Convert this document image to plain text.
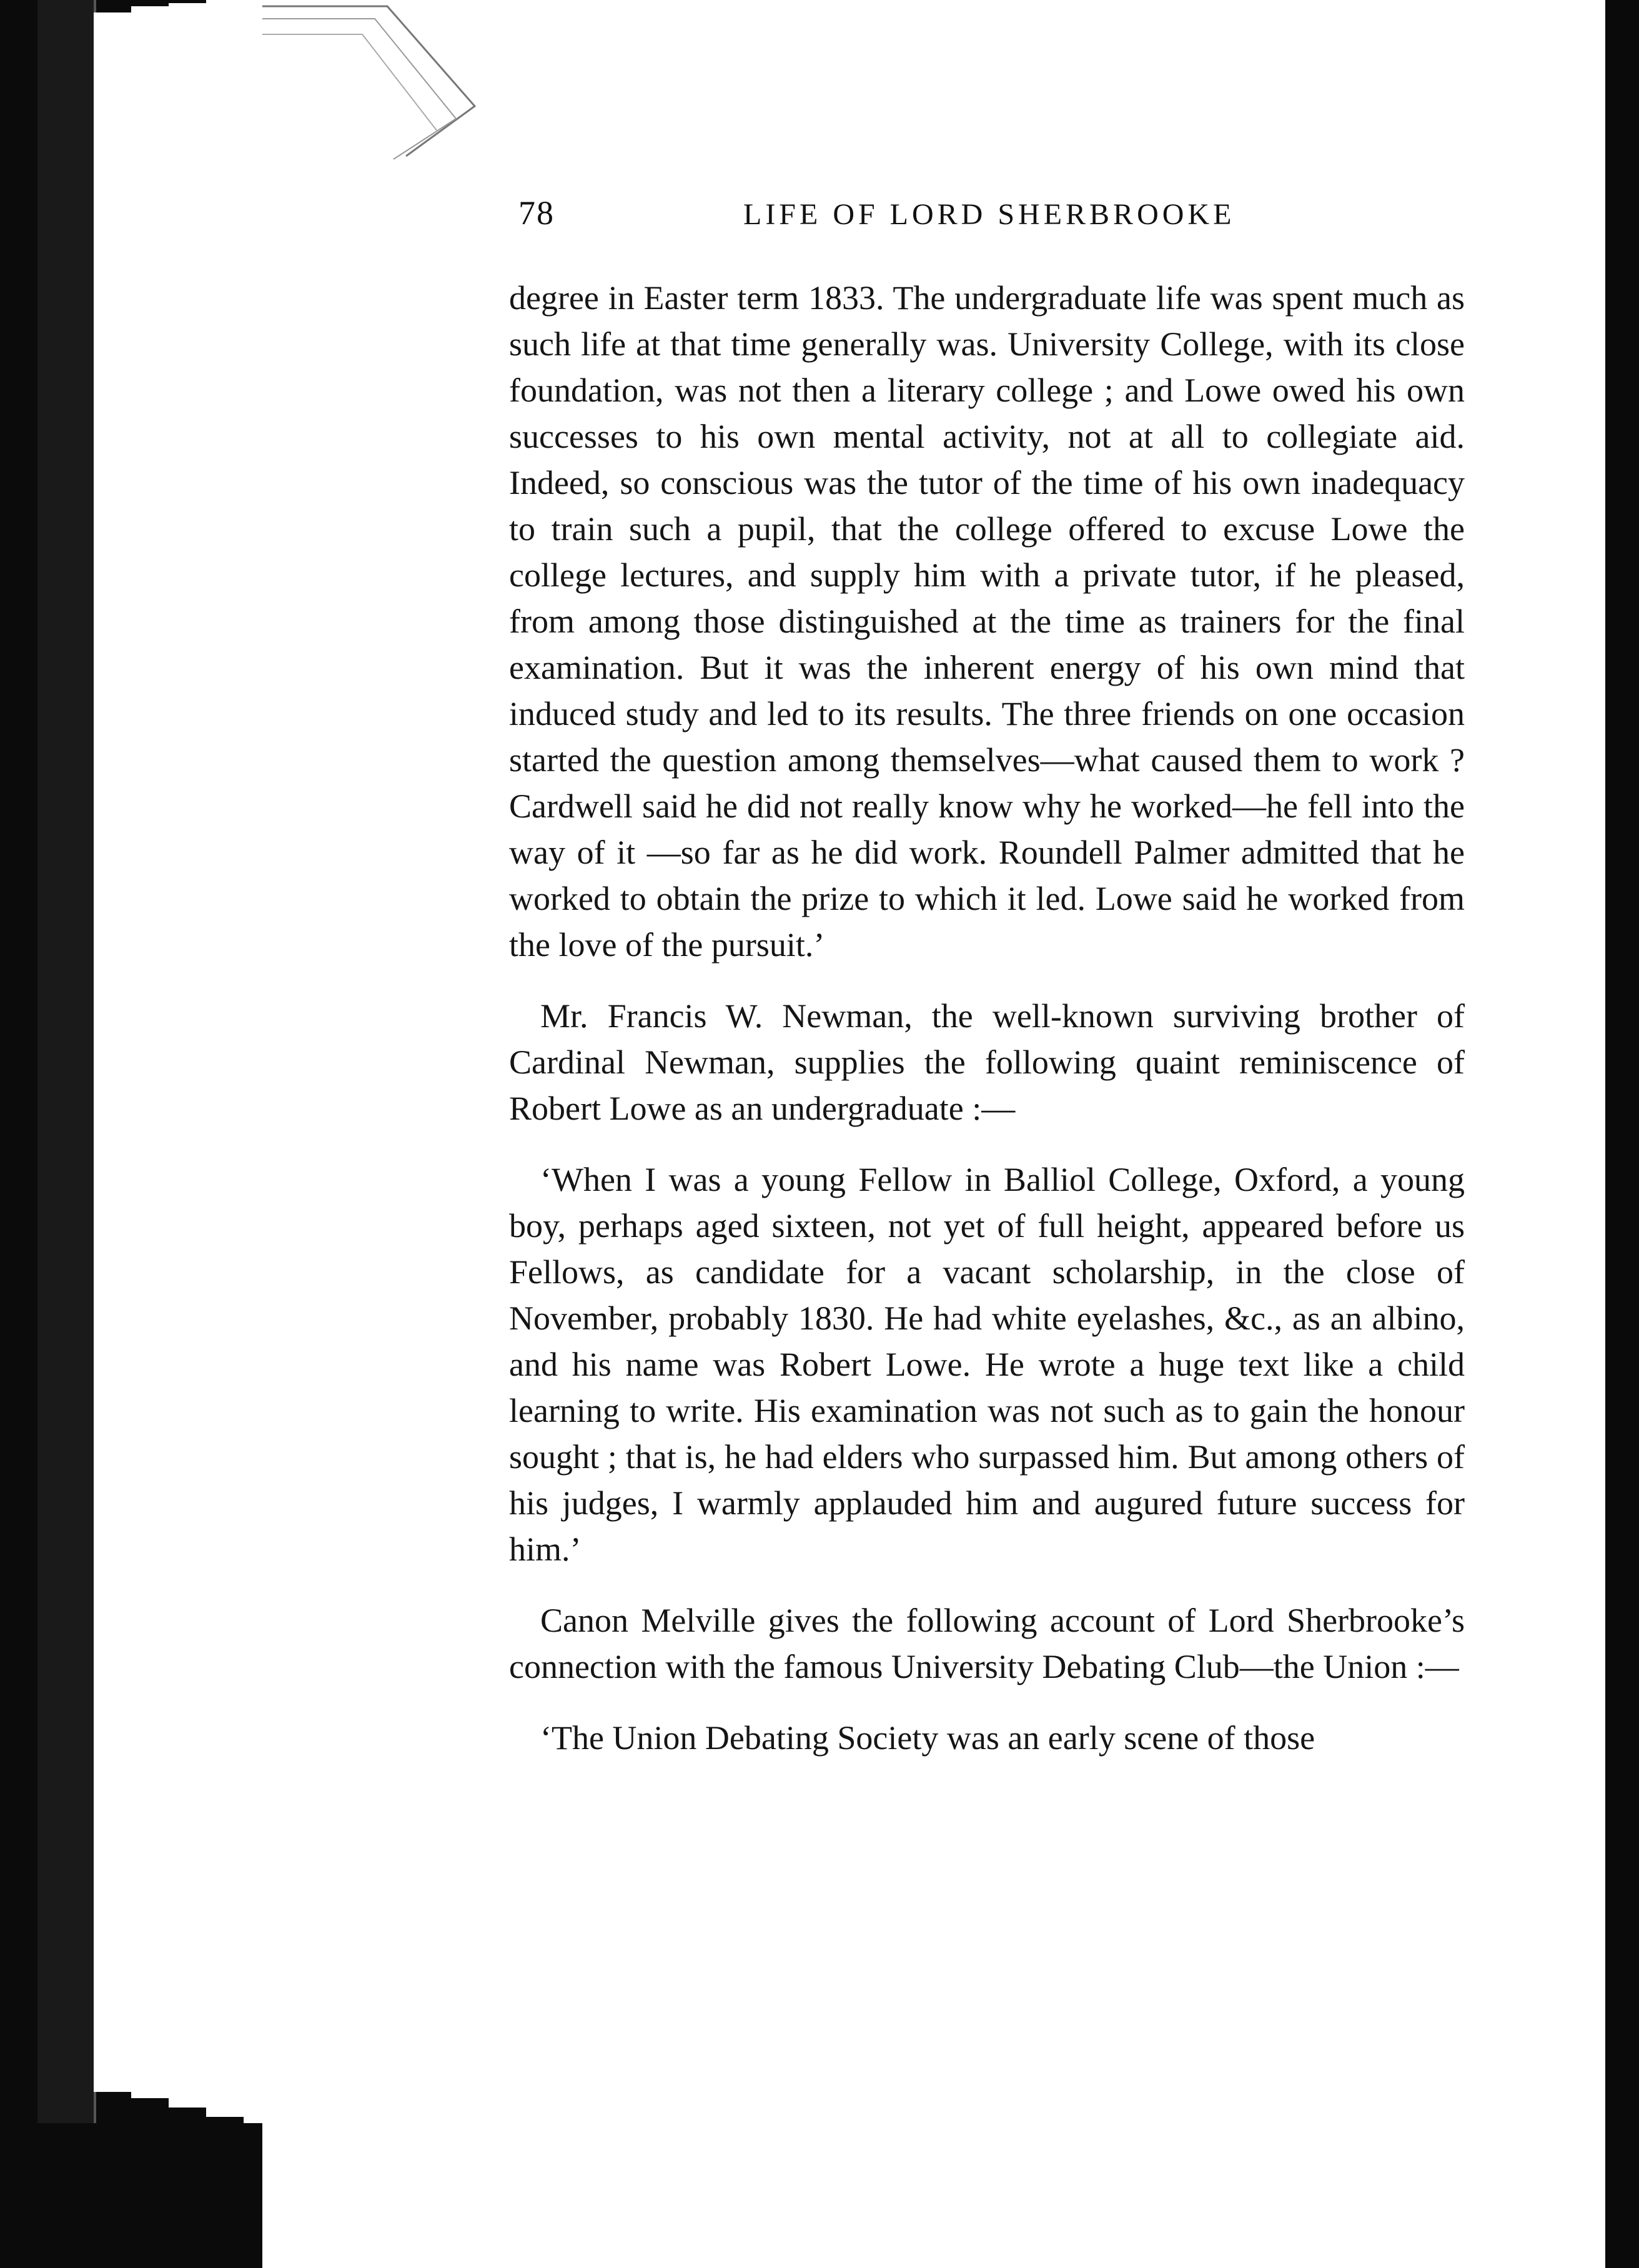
78	LIFE OF LORD SHERBROOKE

degree in Easter term 1833. The undergraduate life was spent much as such life at that time generally was. University College, with its close foundation, was not then a literary college ; and Lowe owed his own successes to his own mental activity, not at all to collegiate aid. Indeed, so conscious was the tutor of the time of his own inadequacy to train such a pupil, that the college offered to excuse Lowe the college lectures, and supply him with a private tutor, if he pleased, from among those distinguished at the time as trainers for the final examination. But it was the inherent energy of his own mind that induced study and led to its results. The three friends on one occasion started the question among themselves—what caused them to work ? Cardwell said he did not really know why he worked—he fell into the way of it —so far as he did work. Roundell Palmer admitted that he worked to obtain the prize to which it led. Lowe said he worked from the love of the pursuit.’

Mr. Francis W. Newman, the well-known surviving brother of Cardinal Newman, supplies the following quaint reminiscence of Robert Lowe as an undergraduate :—

‘When I was a young Fellow in Balliol College, Oxford, a young boy, perhaps aged sixteen, not yet of full height, appeared before us Fellows, as candidate for a vacant scholarship, in the close of November, probably 1830. He had white eyelashes, &c., as an albino, and his name was Robert Lowe. He wrote a huge text like a child learning to write. His examination was not such as to gain the honour sought ; that is, he had elders who surpassed him. But among others of his judges, I warmly applauded him and augured future success for him.’

Canon Melville gives the following account of Lord Sherbrooke’s connection with the famous University Debating Club—the Union :—

‘The Union Debating Society was an early scene of those
